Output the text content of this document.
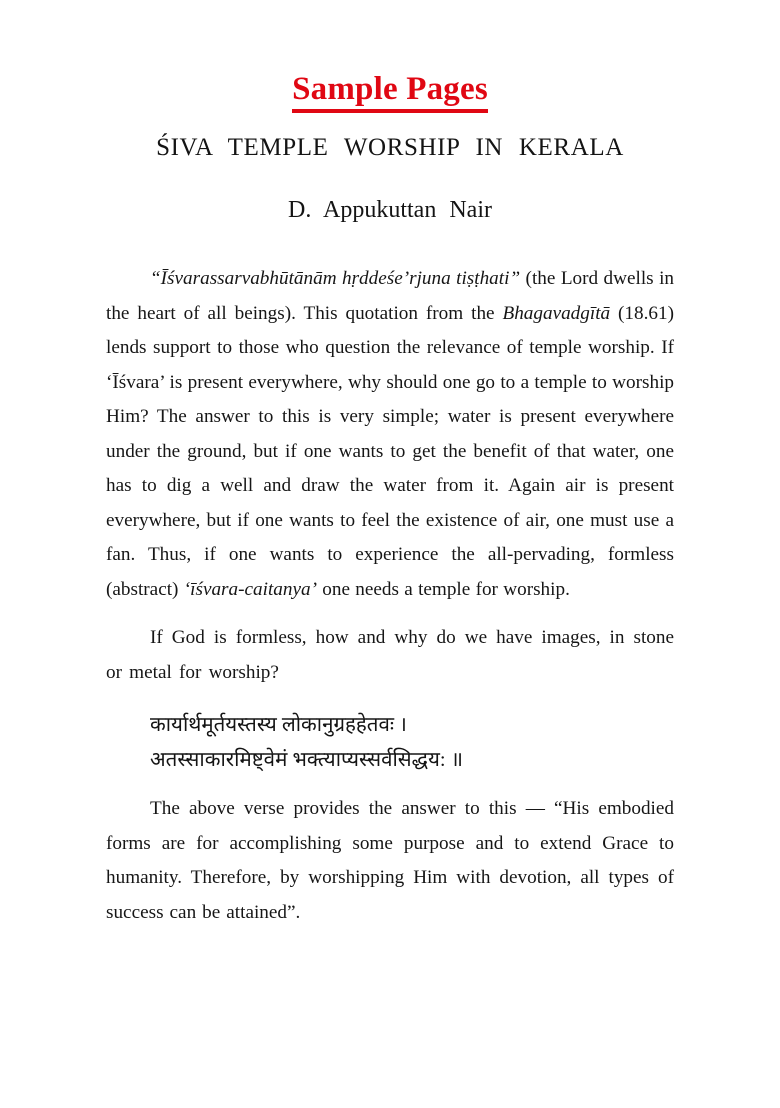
Sample Pages
ŚIVA TEMPLE WORSHIP IN KERALA
D. Appukuttan Nair

“Īśvarassarvabhūtānām hṛddeśe’rjuna tiṣṭhati” (the Lord dwells in the heart of all beings). This quotation from the Bhagavadgītā (18.61) lends support to those who question the relevance of temple worship. If ‘Īśvara’ is present everywhere, why should one go to a temple to worship Him? The answer to this is very simple; water is present everywhere under the ground, but if one wants to get the benefit of that water, one has to dig a well and draw the water from it. Again air is present everywhere, but if one wants to feel the existence of air, one must use a fan. Thus, if one wants to experience the all-pervading, formless (abstract) ‘īśvara-caitanya’ one needs a temple for worship.

If God is formless, how and why do we have images, in stone or metal for worship?

कार्यार्थमूर्तयस्तस्य लोकानुग्रहहेतवः ।
अतस्साकारमिष्ट्वेमं भक्त्याप्यस्सर्वसिद्धय: ॥

The above verse provides the answer to this — “His embodied forms are for accomplishing some purpose and to extend Grace to humanity. Therefore, by worshipping Him with devotion, all types of success can be attained”.
